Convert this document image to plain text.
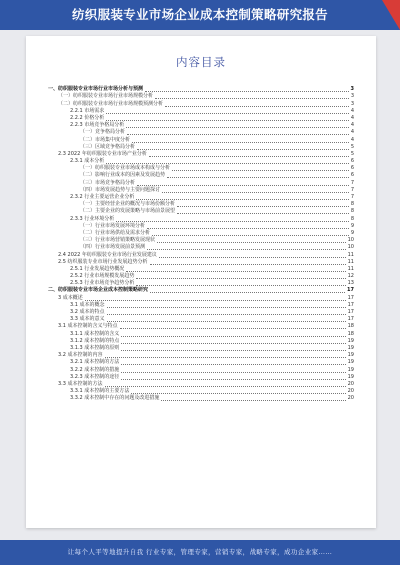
纺织服装专业市场企业成本控制策略研究报告
内容目录
一、纺织服装专业市场行业市场分析与预测	3
（一）纺织服装专业市场行业市场规模分析	3
（二）纺织服装专业市场行业市场规模预测分析	3
2.2.1 市场需求	4
2.2.2 价格分析	4
2.2.3 市场竞争格局分析	4
（一）竞争格局分析	4
（二）市场集中度分析	4
（三）区域竞争格局分析	5
2.3 2022 年纺织服装专业市场产业分析	5
2.3.1 成本分析	6
（一）纺织服装专业市场成本构成与分析	6
（二）影响行业成本的因素及发展趋势	6
（三）市场竞争格局分析	7
（四）市场发展趋势与主要问题探讨	7
2.3.2 行业主要运营企业分析	7
（一）主要经营企业的概况与市场份额分析	8
（二）主要企业的发展策略与市场前景展望	8
2.3.3 行业环境分析	8
（一）行业市场发展环境分析	9
（二）行业市场供给及需求分析	9
（三）行业市场营销策略发展现状	10
（四）行业市场发展前景预测	10
2.4 2022 年纺织服装专业市场行业发展建议	11
2.5 纺织服装专业市场行业发展趋势分析	11
2.5.1 行业发展趋势概况	11
2.5.2 行业市场规模发展趋势	12
2.5.3 行业市场竞争趋势分析	13
二、纺织服装专业市场企业成本控制策略研究	17
3 成本概述	17
3.1 成本的概念	17
3.2 成本的特点	17
3.3 成本的意义	17
3.1 成本控制的含义与特点	18
3.1.1 成本控制的含义	18
3.1.2 成本控制的特点	19
3.1.3 成本控制的原则	19
3.2 成本控制的内容	19
3.2.1 成本控制的方法	19
3.2.2 成本控制的措施	19
3.2.3 成本控制的途径	19
3.3 成本控制的方法	20
3.3.1 成本控制的主要方法	20
3.3.2 成本控制中存在的问题及改进措施	20
让每个人平等地提升自我 行业专家，管理专家，营销专家，战略专家，成功企业家……
